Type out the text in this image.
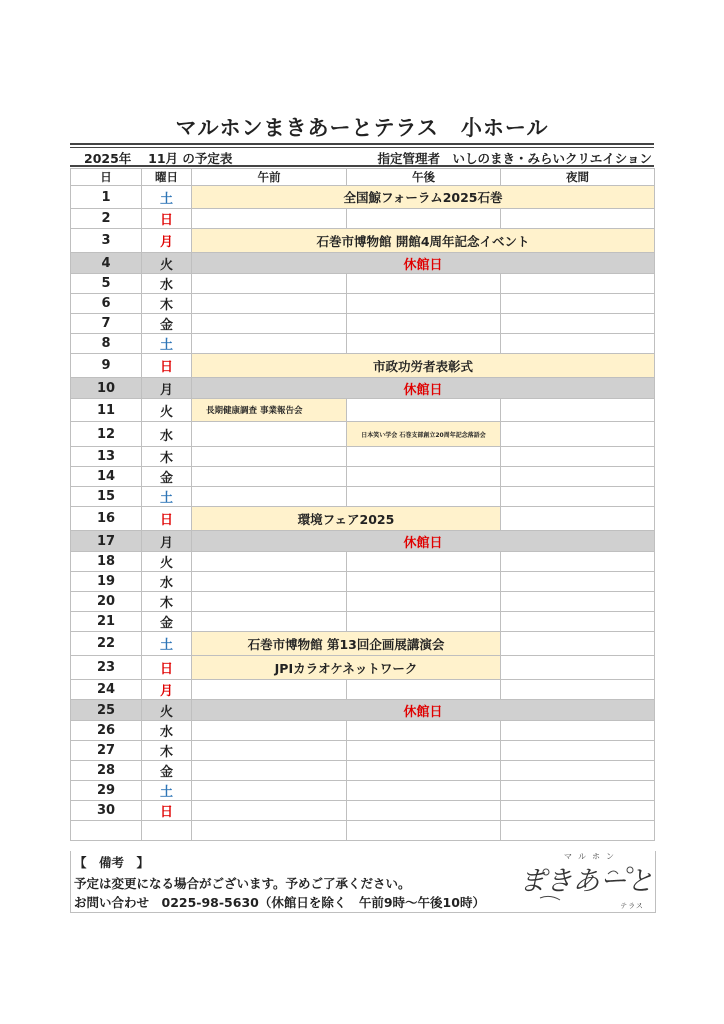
マルホンまきあーとテラス　小ホール
2025年　 11月 の予定表	指定管理者　いしのまき・みらいクリエイション
日	曜日	午前	午後	夜間
1	土	全国鯨フォーラム2025石巻		
2	日			
3	月	石巻市博物館 開館4周年記念イベント		
4	火	休館日		
5	水			
6	木			
7	金			
8	土			
9	日	市政功労者表彰式		
10	月	休館日		
11	火	長期健康調査 事業報告会		
12	水		日本笑い学会 石巻支部創立20周年記念落語会	
13	木			
14	金			
15	土			
16	日	環境フェア2025		
17	月	休館日		
18	火			
19	水			
20	木			
21	金			
22	土	石巻市博物館 第13回企画展講演会		
23	日	JPIカラオケネットワーク		
24	月			
25	火	休館日		
26	水			
27	木			
28	金			
29	土			
30	日			

【　備考　】
予定は変更になる場合がございます。予めご了承ください。
お問い合わせ　0225-98-5630（休館日を除く　午前9時～午後10時）
マルホン
まきあーと
テラス
